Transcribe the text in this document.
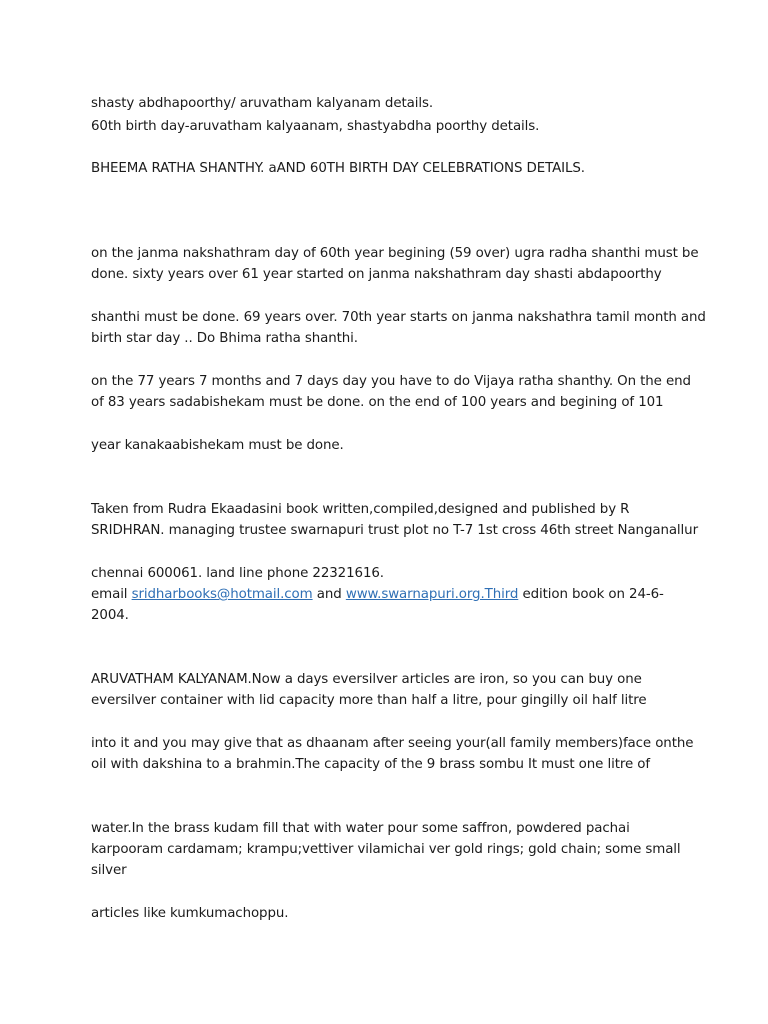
shasty abdhapoorthy/ aruvatham kalyanam details.

60th birth day-aruvatham kalyaanam, shastyabdha poorthy details.

BHEEMA RATHA SHANTHY. aAND 60TH BIRTH DAY CELEBRATIONS DETAILS.

on the janma nakshathram day of 60th year begining (59 over) ugra radha shanthi must be

done. sixty years over 61 year started on janma nakshathram day shasti abdapoorthy

shanthi must be done. 69 years over. 70th year starts on janma nakshathra tamil month and

birth star day .. Do Bhima ratha shanthi.

on the 77 years 7 months and 7 days day you have to do Vijaya ratha shanthy. On the end

of 83 years sadabishekam must be done. on the end of 100 years and begining of 101

year kanakaabishekam must be done.

Taken from Rudra Ekaadasini book written,compiled,designed and published by R

SRIDHRAN. managing trustee swarnapuri trust plot no T-7 1st cross 46th street Nanganallur

chennai 600061. land line phone 22321616.

email sridharbooks@hotmail.com and www.swarnapuri.org.Third edition book on 24-6-

2004.

ARUVATHAM KALYANAM.Now a days eversilver articles are iron, so you can buy one

eversilver container with lid capacity more than half a litre, pour gingilly oil half litre

into it and you may give that as dhaanam after seeing your(all family members)face onthe

oil with dakshina to a brahmin.The capacity of the 9 brass sombu It must one litre of

water.In the brass kudam fill that with water pour some saffron, powdered pachai

karpooram cardamam; krampu;vettiver vilamichai ver gold rings; gold chain; some small

silver

articles like kumkumachoppu.
